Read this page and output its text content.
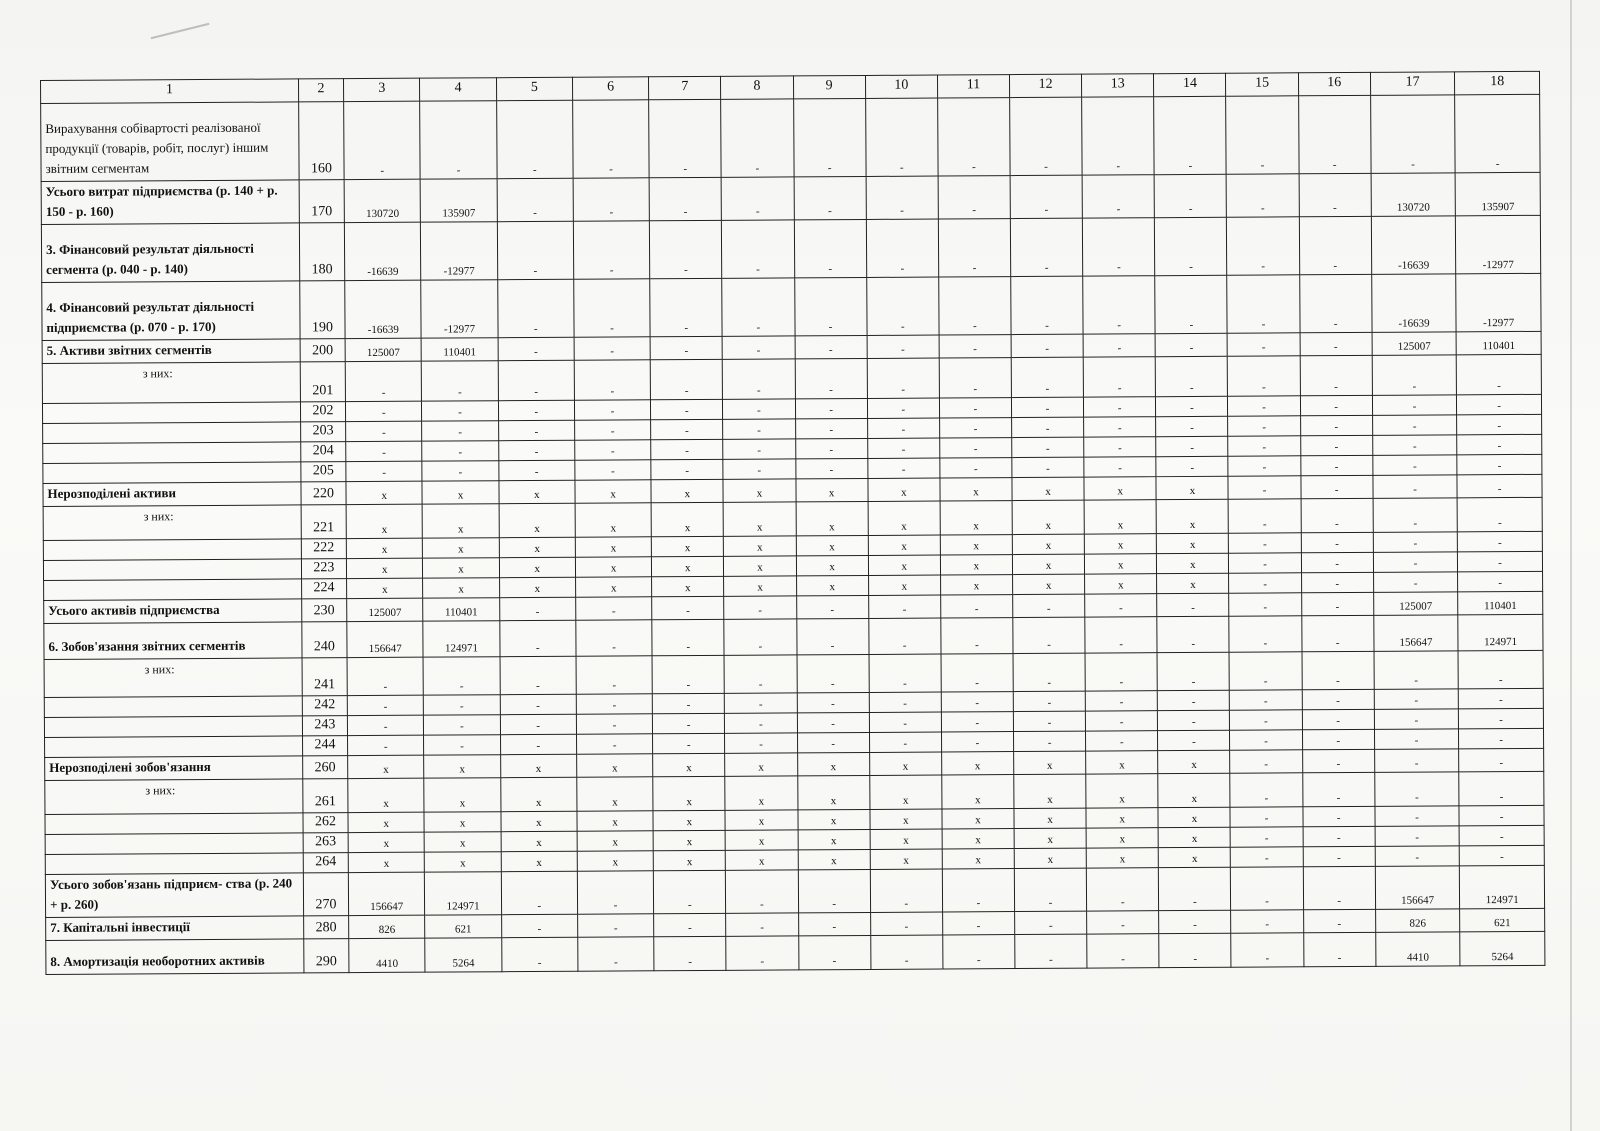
1	2	3	4	5	6	7	8	9	10	11	12	13	14	15	16	17	18
Вирахування собівартості реалізованої продукції (товарів, робіт, послуг) іншим звітним сегментам	160	-	-	-	-	-	-	-	-	-	-	-	-	-	-	-	-
Усього витрат підприємства (р. 140 + р. 150 - р. 160)	170	130720	135907	-	-	-	-	-	-	-	-	-	-	-	-	130720	135907
3. Фінансовий результат діяльності сегмента (р. 040 - р. 140)	180	-16639	-12977	-	-	-	-	-	-	-	-	-	-	-	-	-16639	-12977
4. Фінансовий результат діяльності підприємства (р. 070 - р. 170)	190	-16639	-12977	-	-	-	-	-	-	-	-	-	-	-	-	-16639	-12977
5. Активи звітних сегментів	200	125007	110401	-	-	-	-	-	-	-	-	-	-	-	-	125007	110401
з них:	201	-	-	-	-	-	-	-	-	-	-	-	-	-	-	-	-
	202	-	-	-	-	-	-	-	-	-	-	-	-	-	-	-	-
	203	-	-	-	-	-	-	-	-	-	-	-	-	-	-	-	-
	204	-	-	-	-	-	-	-	-	-	-	-	-	-	-	-	-
	205	-	-	-	-	-	-	-	-	-	-	-	-	-	-	-	-
Нерозподілені активи	220	x	x	x	x	x	x	x	x	x	x	x	x	-	-	-	-
з них:	221	x	x	x	x	x	x	x	x	x	x	x	x	-	-	-	-
	222	x	x	x	x	x	x	x	x	x	x	x	x	-	-	-	-
	223	x	x	x	x	x	x	x	x	x	x	x	x	-	-	-	-
	224	x	x	x	x	x	x	x	x	x	x	x	x	-	-	-	-
Усього активів підприємства	230	125007	110401	-	-	-	-	-	-	-	-	-	-	-	-	125007	110401
6. Зобов'язання звітних сегментів	240	156647	124971	-	-	-	-	-	-	-	-	-	-	-	-	156647	124971
з них:	241	-	-	-	-	-	-	-	-	-	-	-	-	-	-	-	-
	242	-	-	-	-	-	-	-	-	-	-	-	-	-	-	-	-
	243	-	-	-	-	-	-	-	-	-	-	-	-	-	-	-	-
	244	-	-	-	-	-	-	-	-	-	-	-	-	-	-	-	-
Нерозподілені зобов'язання	260	x	x	x	x	x	x	x	x	x	x	x	x	-	-	-	-
з них:	261	x	x	x	x	x	x	x	x	x	x	x	x	-	-	-	-
	262	x	x	x	x	x	x	x	x	x	x	x	x	-	-	-	-
	263	x	x	x	x	x	x	x	x	x	x	x	x	-	-	-	-
	264	x	x	x	x	x	x	x	x	x	x	x	x	-	-	-	-
Усього зобов'язань підприєм- ства (р. 240 + р. 260)	270	156647	124971	-	-	-	-	-	-	-	-	-	-	-	-	156647	124971
7. Капітальні інвестиції	280	826	621	-	-	-	-	-	-	-	-	-	-	-	-	826	621
8. Амортизація необоротних активів	290	4410	5264	-	-	-	-	-	-	-	-	-	-	-	-	4410	5264
